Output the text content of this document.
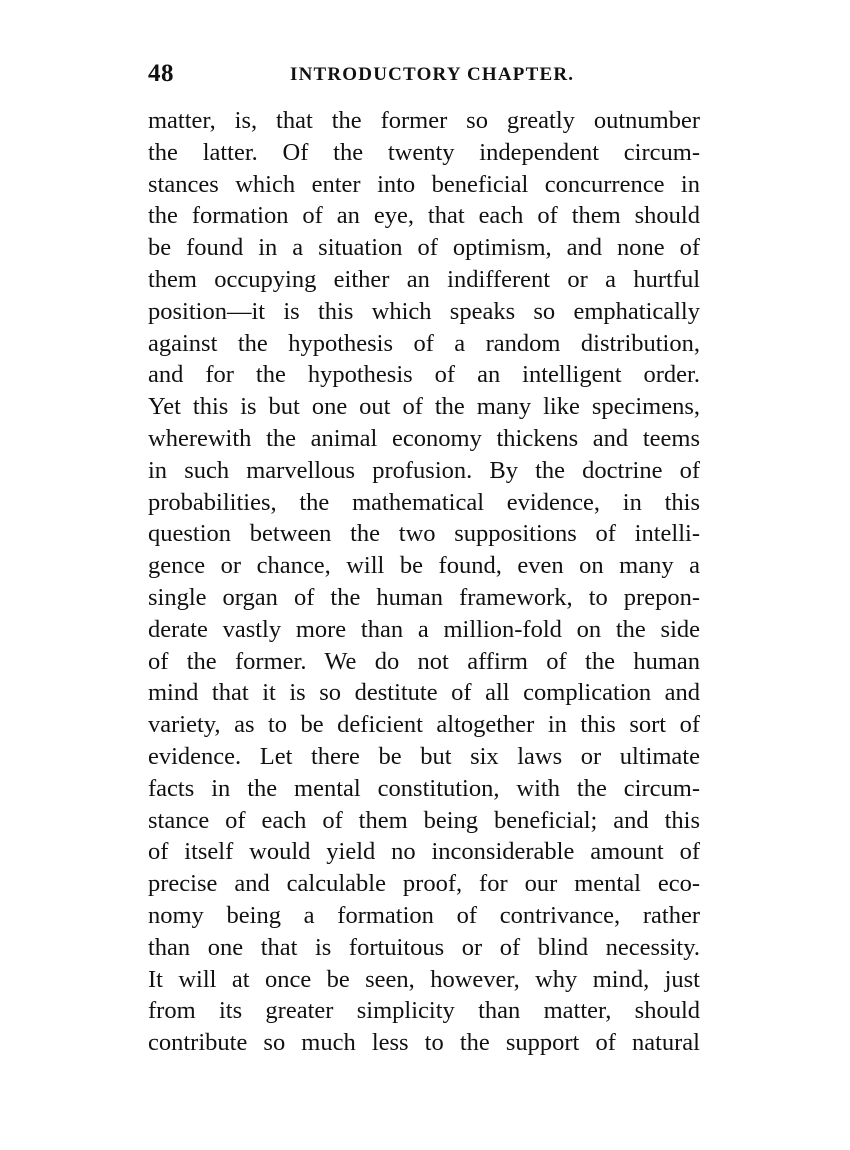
48	INTRODUCTORY CHAPTER.
matter, is, that the former so greatly outnumber
the latter. Of the twenty independent circum-
stances which enter into beneficial concurrence in
the formation of an eye, that each of them should
be found in a situation of optimism, and none of
them occupying either an indifferent or a hurtful
position—it is this which speaks so emphatically
against the hypothesis of a random distribution,
and for the hypothesis of an intelligent order.
Yet this is but one out of the many like specimens,
wherewith the animal economy thickens and teems
in such marvellous profusion. By the doctrine of
probabilities, the mathematical evidence, in this
question between the two suppositions of intelli-
gence or chance, will be found, even on many a
single organ of the human framework, to prepon-
derate vastly more than a million-fold on the side
of the former. We do not affirm of the human
mind that it is so destitute of all complication and
variety, as to be deficient altogether in this sort of
evidence. Let there be but six laws or ultimate
facts in the mental constitution, with the circum-
stance of each of them being beneficial; and this
of itself would yield no inconsiderable amount of
precise and calculable proof, for our mental eco-
nomy being a formation of contrivance, rather
than one that is fortuitous or of blind necessity.
It will at once be seen, however, why mind, just
from its greater simplicity than matter, should
contribute so much less to the support of natural
